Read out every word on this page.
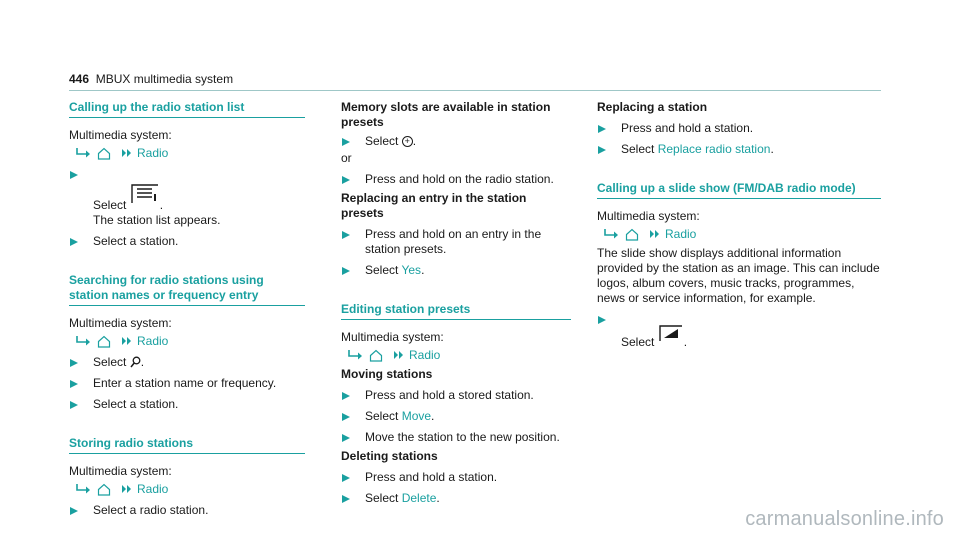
446 MBUX multimedia system
Calling up the radio station list
Multimedia system:
Radio
Select	.
The station list appears.
Select a station.
Searching for radio stations using station names or frequency entry
Multimedia system:
Radio
Select .
Enter a station name or frequency.
Select a station.
Storing radio stations
Multimedia system:
Radio
Select a radio station.
Memory slots are available in station presets
Select + .
or
Press and hold on the radio station.
Replacing an entry in the station presets
Press and hold on an entry in the station presets.
Select Yes.
Editing station presets
Multimedia system:
Radio
Moving stations
Press and hold a stored station.
Select Move.
Move the station to the new position.
Deleting stations
Press and hold a station.
Select Delete.
Replacing a station
Press and hold a station.
Select Replace radio station.
Calling up a slide show (FM/DAB radio mode)
Multimedia system:
Radio
The slide show displays additional information provided by the station as an image. This can include logos, album covers, music tracks, programmes, news or service information, for example.
Select .
carmanualsonline.info
